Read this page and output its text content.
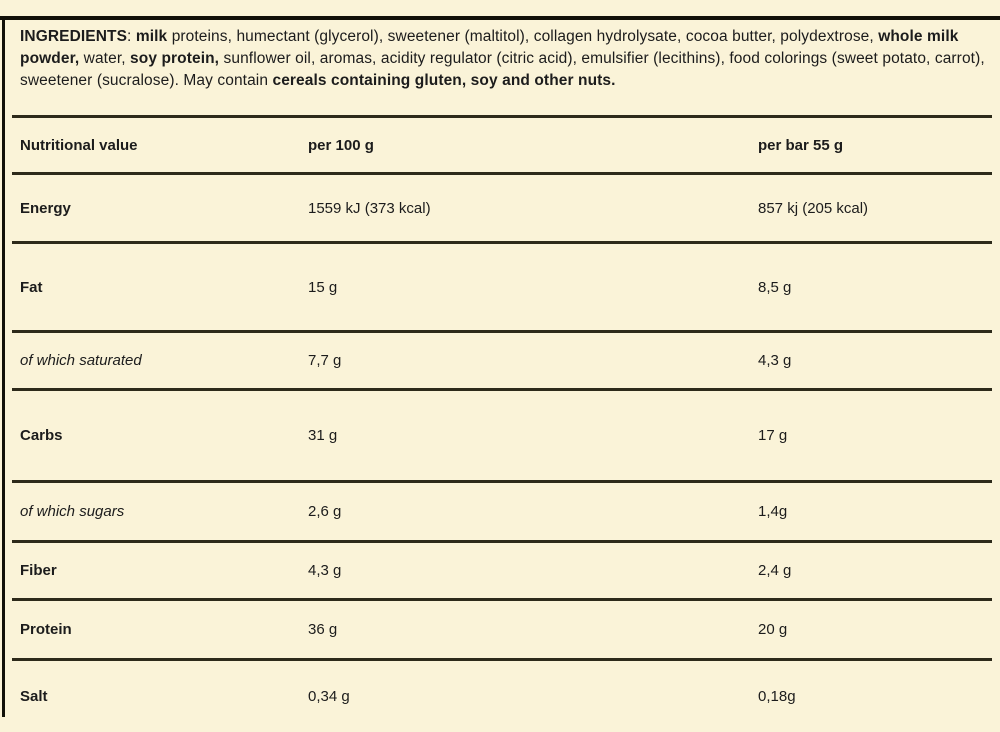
INGREDIENTS: milk proteins, humectant (glycerol), sweetener (maltitol), collagen hydrolysate, cocoa butter, polydextrose, whole milk powder, water, soy protein, sunflower oil, aromas, acidity regulator (citric acid), emulsifier (lecithins), food colorings (sweet potato, carrot), sweetener (sucralose). May contain cereals containing gluten, soy and other nuts.

Nutritional value	per 100 g	per bar 55 g
Energy	1559 kJ (373 kcal)	857 kj (205 kcal)
Fat	15 g	8,5 g
of which saturated	7,7 g	4,3 g
Carbs	31 g	17 g
of which sugars	2,6 g	1,4g
Fiber	4,3 g	2,4 g
Protein	36 g	20 g
Salt	0,34 g	0,18g
